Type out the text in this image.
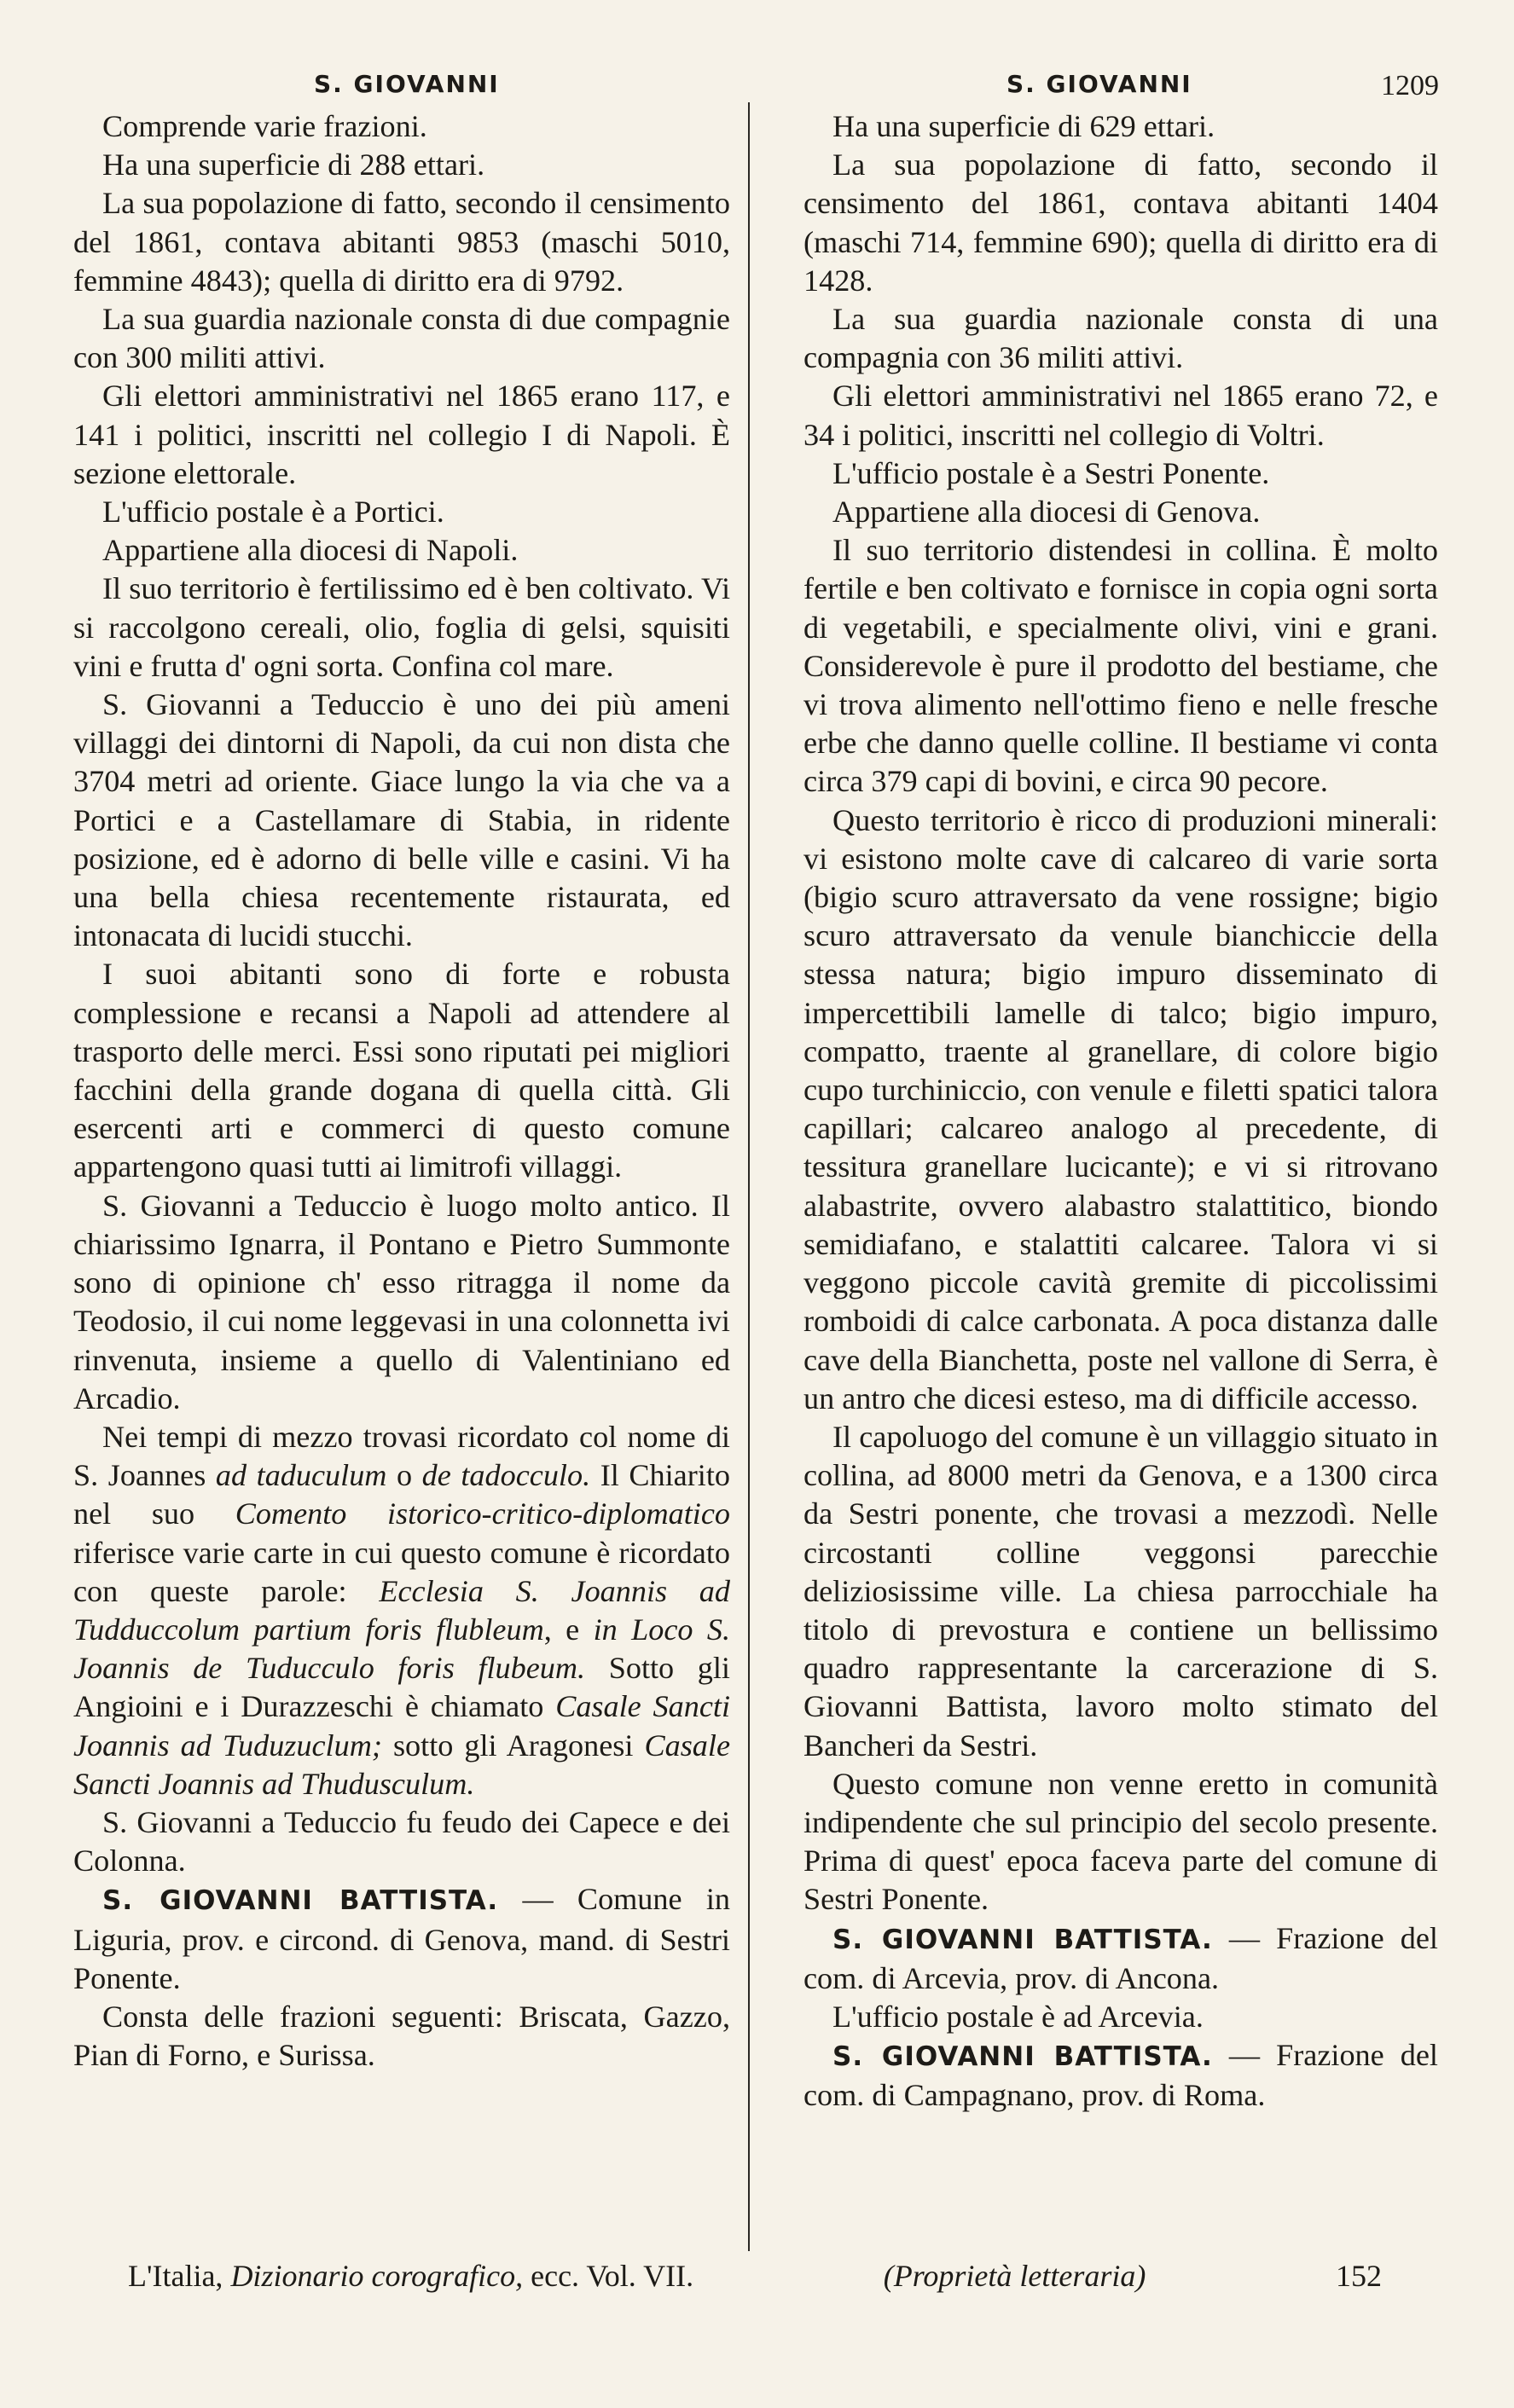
S. GIOVANNI	S. GIOVANNI	1209

Comprende varie frazioni.

Ha una superficie di 288 ettari.

La sua popolazione di fatto, secondo il censimento del 1861, contava abitanti 9853 (maschi 5010, femmine 4843); quella di diritto era di 9792.

La sua guardia nazionale consta di due compagnie con 300 militi attivi.

Gli elettori amministrativi nel 1865 erano 117, e 141 i politici, inscritti nel collegio I di Napoli. È sezione elettorale.

L'ufficio postale è a Portici.

Appartiene alla diocesi di Napoli.

Il suo territorio è fertilissimo ed è ben coltivato. Vi si raccolgono cereali, olio, foglia di gelsi, squisiti vini e frutta d' ogni sorta. Confina col mare.

S. Giovanni a Teduccio è uno dei più ameni villaggi dei dintorni di Napoli, da cui non dista che 3704 metri ad oriente. Giace lungo la via che va a Portici e a Castellamare di Stabia, in ridente posizione, ed è adorno di belle ville e casini. Vi ha una bella chiesa recentemente ristaurata, ed intonacata di lucidi stucchi.

I suoi abitanti sono di forte e robusta complessione e recansi a Napoli ad attendere al trasporto delle merci. Essi sono riputati pei migliori facchini della grande dogana di quella città. Gli esercenti arti e commerci di questo comune appartengono quasi tutti ai limitrofi villaggi.

S. Giovanni a Teduccio è luogo molto antico. Il chiarissimo Ignarra, il Pontano e Pietro Summonte sono di opinione ch' esso ritragga il nome da Teodosio, il cui nome leggevasi in una colonnetta ivi rinvenuta, insieme a quello di Valentiniano ed Arcadio.

Nei tempi di mezzo trovasi ricordato col nome di S. Joannes ad taduculum o de tadocculo. Il Chiarito nel suo Comento istorico-critico-diplomatico riferisce varie carte in cui questo comune è ricordato con queste parole: Ecclesia S. Joannis ad Tudduccolum partium foris flubleum, e in Loco S. Joannis de Tuducculo foris flubeum. Sotto gli Angioini e i Durazzeschi è chiamato Casale Sancti Joannis ad Tuduzuclum; sotto gli Aragonesi Casale Sancti Joannis ad Thudusculum.

S. Giovanni a Teduccio fu feudo dei Capece e dei Colonna.

S. GIOVANNI BATTISTA. — Comune in Liguria, prov. e circond. di Genova, mand. di Sestri Ponente.

Consta delle frazioni seguenti: Briscata, Gazzo, Pian di Forno, e Surissa.

Ha una superficie di 629 ettari.

La sua popolazione di fatto, secondo il censimento del 1861, contava abitanti 1404 (maschi 714, femmine 690); quella di diritto era di 1428.

La sua guardia nazionale consta di una compagnia con 36 militi attivi.

Gli elettori amministrativi nel 1865 erano 72, e 34 i politici, inscritti nel collegio di Voltri.

L'ufficio postale è a Sestri Ponente.

Appartiene alla diocesi di Genova.

Il suo territorio distendesi in collina. È molto fertile e ben coltivato e fornisce in copia ogni sorta di vegetabili, e specialmente olivi, vini e grani. Considerevole è pure il prodotto del bestiame, che vi trova alimento nell'ottimo fieno e nelle fresche erbe che danno quelle colline. Il bestiame vi conta circa 379 capi di bovini, e circa 90 pecore.

Questo territorio è ricco di produzioni minerali: vi esistono molte cave di calcareo di varie sorta (bigio scuro attraversato da vene rossigne; bigio scuro attraversato da venule bianchiccie della stessa natura; bigio impuro disseminato di impercettibili lamelle di talco; bigio impuro, compatto, traente al granellare, di colore bigio cupo turchiniccio, con venule e filetti spatici talora capillari; calcareo analogo al precedente, di tessitura granellare lucicante); e vi si ritrovano alabastrite, ovvero alabastro stalattitico, biondo semidiafano, e stalattiti calcaree. Talora vi si veggono piccole cavità gremite di piccolissimi romboidi di calce carbonata. A poca distanza dalle cave della Bianchetta, poste nel vallone di Serra, è un antro che dicesi esteso, ma di difficile accesso.

Il capoluogo del comune è un villaggio situato in collina, ad 8000 metri da Genova, e a 1300 circa da Sestri ponente, che trovasi a mezzodì. Nelle circostanti colline veggonsi parecchie deliziosissime ville. La chiesa parrocchiale ha titolo di prevostura e contiene un bellissimo quadro rappresentante la carcerazione di S. Giovanni Battista, lavoro molto stimato del Bancheri da Sestri.

Questo comune non venne eretto in comunità indipendente che sul principio del secolo presente. Prima di quest' epoca faceva parte del comune di Sestri Ponente.

S. GIOVANNI BATTISTA. — Frazione del com. di Arcevia, prov. di Ancona.

L'ufficio postale è ad Arcevia.

S. GIOVANNI BATTISTA. — Frazione del com. di Campagnano, prov. di Roma.

L'Italia, Dizionario corografico, ecc. Vol. VII.	(Proprietà letteraria)	152
